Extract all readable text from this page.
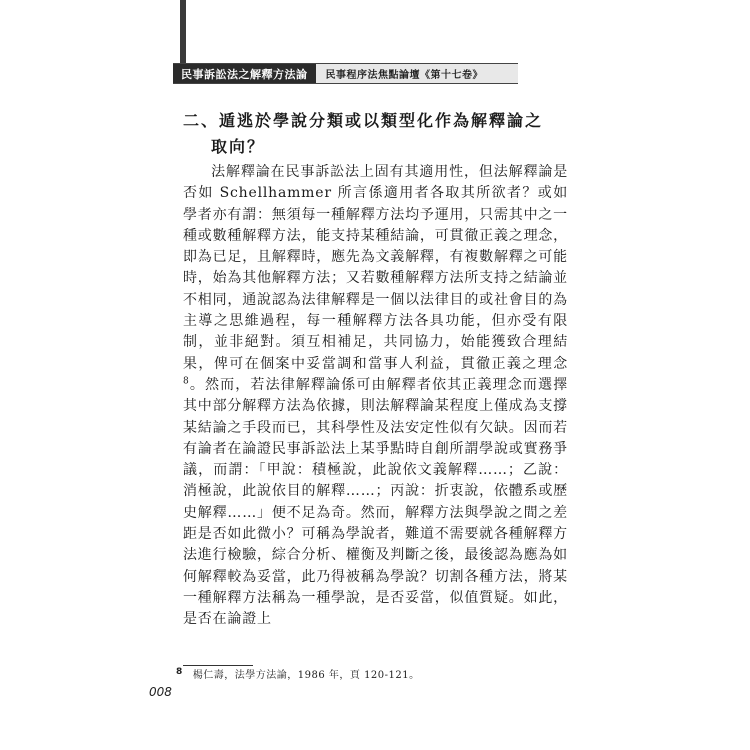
民事訴訟法之解釋方法論	民事程序法焦點論壇《第十七卷》
二、遁逃於學說分類或以類型化作為解釋論之
取向？

法解釋論在民事訴訟法上固有其適用性，但法解釋論是否如 Schellhammer 所言係適用者各取其所欲者？或如學者亦有謂：無須每一種解釋方法均予運用，只需其中之一種或數種解釋方法，能支持某種結論，可貫徹正義之理念，即為已足，且解釋時，應先為文義解釋，有複數解釋之可能時，始為其他解釋方法；又若數種解釋方法所支持之結論並不相同，通說認為法律解釋是一個以法律目的或社會目的為主導之思維過程，每一種解釋方法各具功能，但亦受有限制，並非絕對。須互相補足，共同協力，始能獲致合理結果，俾可在個案中妥當調和當事人利益，貫徹正義之理念$^8$。然而，若法律解釋論係可由解釋者依其正義理念而選擇其中部分解釋方法為依據，則法解釋論某程度上僅成為支撐某結論之手段而已，其科學性及法安定性似有欠缺。因而若有論者在論證民事訴訟法上某爭點時自創所謂學說或實務爭議，而謂：「甲說：積極說，此說依文義解釋……；乙說：消極說，此說依目的解釋……；丙說：折衷說，依體系或歷史解釋……」便不足為奇。然而，解釋方法與學說之間之差距是否如此微小？可稱為學說者，難道不需要就各種解釋方法進行檢驗，綜合分析、權衡及判斷之後，最後認為應為如何解釋較為妥當，此乃得被稱為學說？切割各種方法，將某一種解釋方法稱為一種學說，是否妥當，似值質疑。如此，是否在論證上

$^8$ 楊仁壽，法學方法論，1986 年，頁 120-121。
008
